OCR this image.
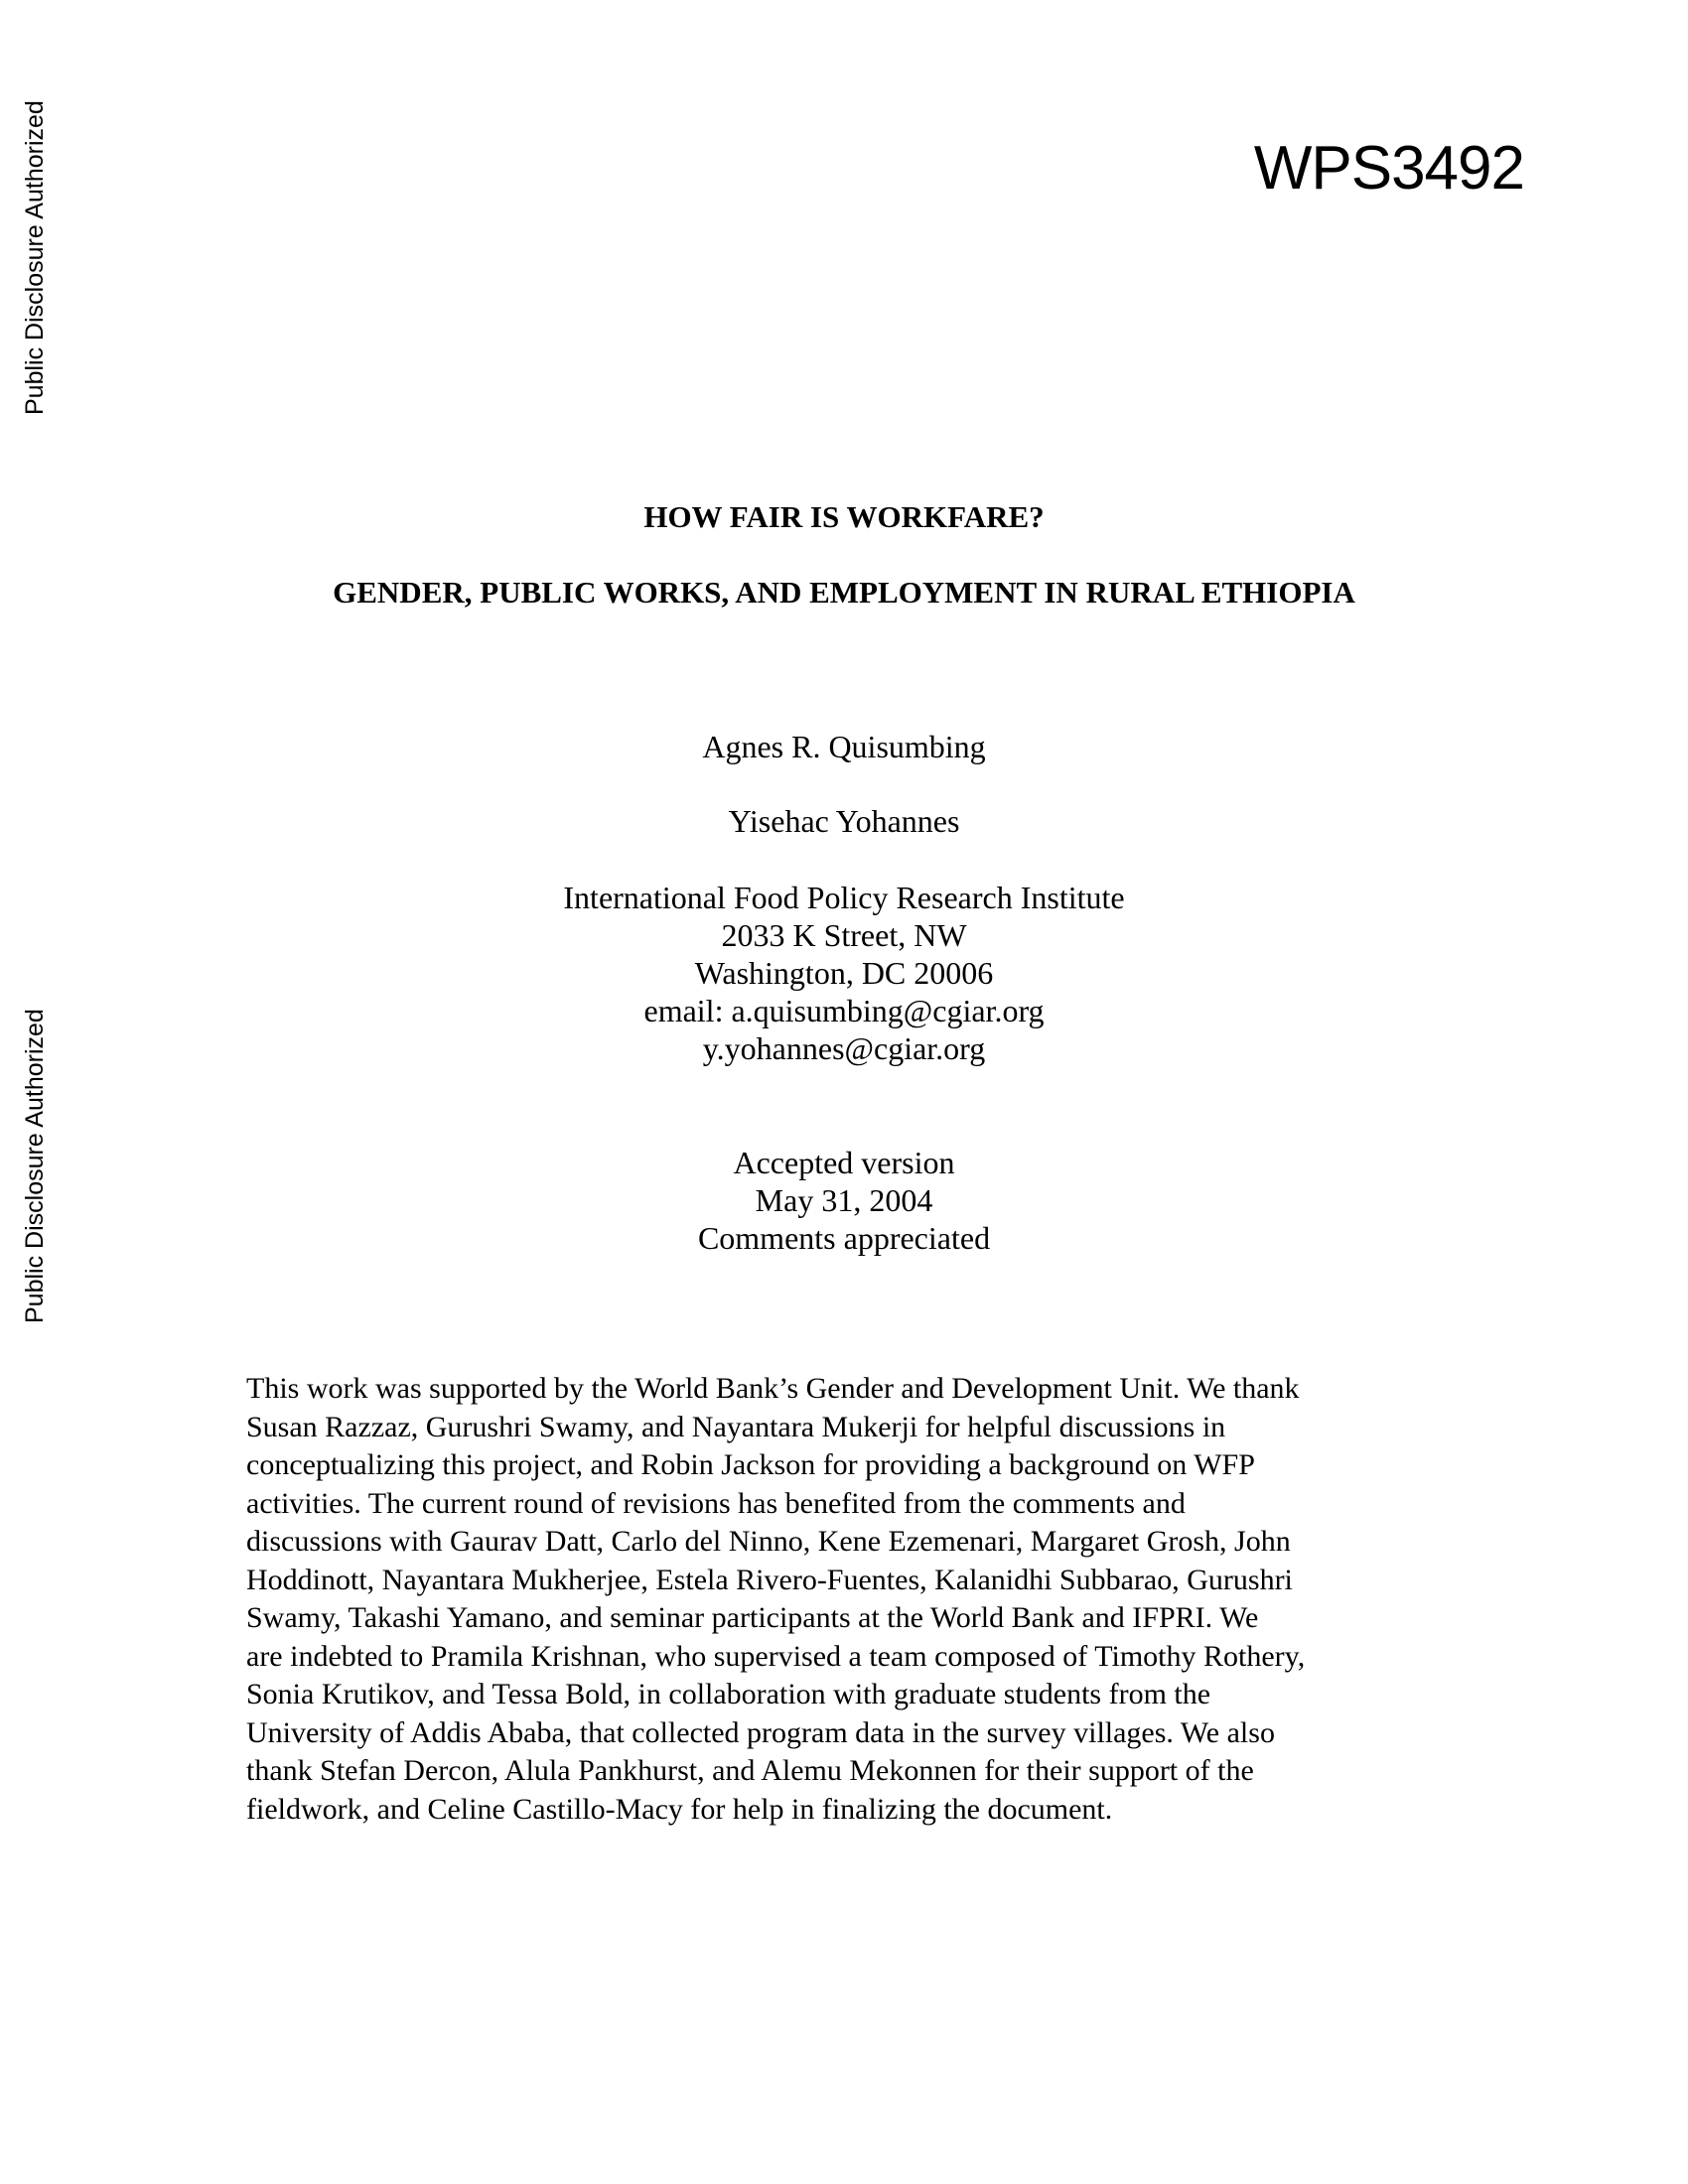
Public Disclosure Authorized
Public Disclosure Authorized
WPS3492
HOW FAIR IS WORKFARE?
GENDER, PUBLIC WORKS, AND EMPLOYMENT IN RURAL ETHIOPIA
Agnes R. Quisumbing
Yisehac Yohannes
International Food Policy Research Institute
2033 K Street, NW
Washington, DC 20006
email: a.quisumbing@cgiar.org
y.yohannes@cgiar.org
Accepted version
May 31, 2004
Comments appreciated

This work was supported by the World Bank’s Gender and Development Unit. We thank
Susan Razzaz, Gurushri Swamy, and Nayantara Mukerji for helpful discussions in
conceptualizing this project, and Robin Jackson for providing a background on WFP
activities. The current round of revisions has benefited from the comments and
discussions with Gaurav Datt, Carlo del Ninno, Kene Ezemenari, Margaret Grosh, John
Hoddinott, Nayantara Mukherjee, Estela Rivero-Fuentes, Kalanidhi Subbarao, Gurushri
Swamy, Takashi Yamano, and seminar participants at the World Bank and IFPRI. We
are indebted to Pramila Krishnan, who supervised a team composed of Timothy Rothery,
Sonia Krutikov, and Tessa Bold, in collaboration with graduate students from the
University of Addis Ababa, that collected program data in the survey villages. We also
thank Stefan Dercon, Alula Pankhurst, and Alemu Mekonnen for their support of the
fieldwork, and Celine Castillo-Macy for help in finalizing the document.
